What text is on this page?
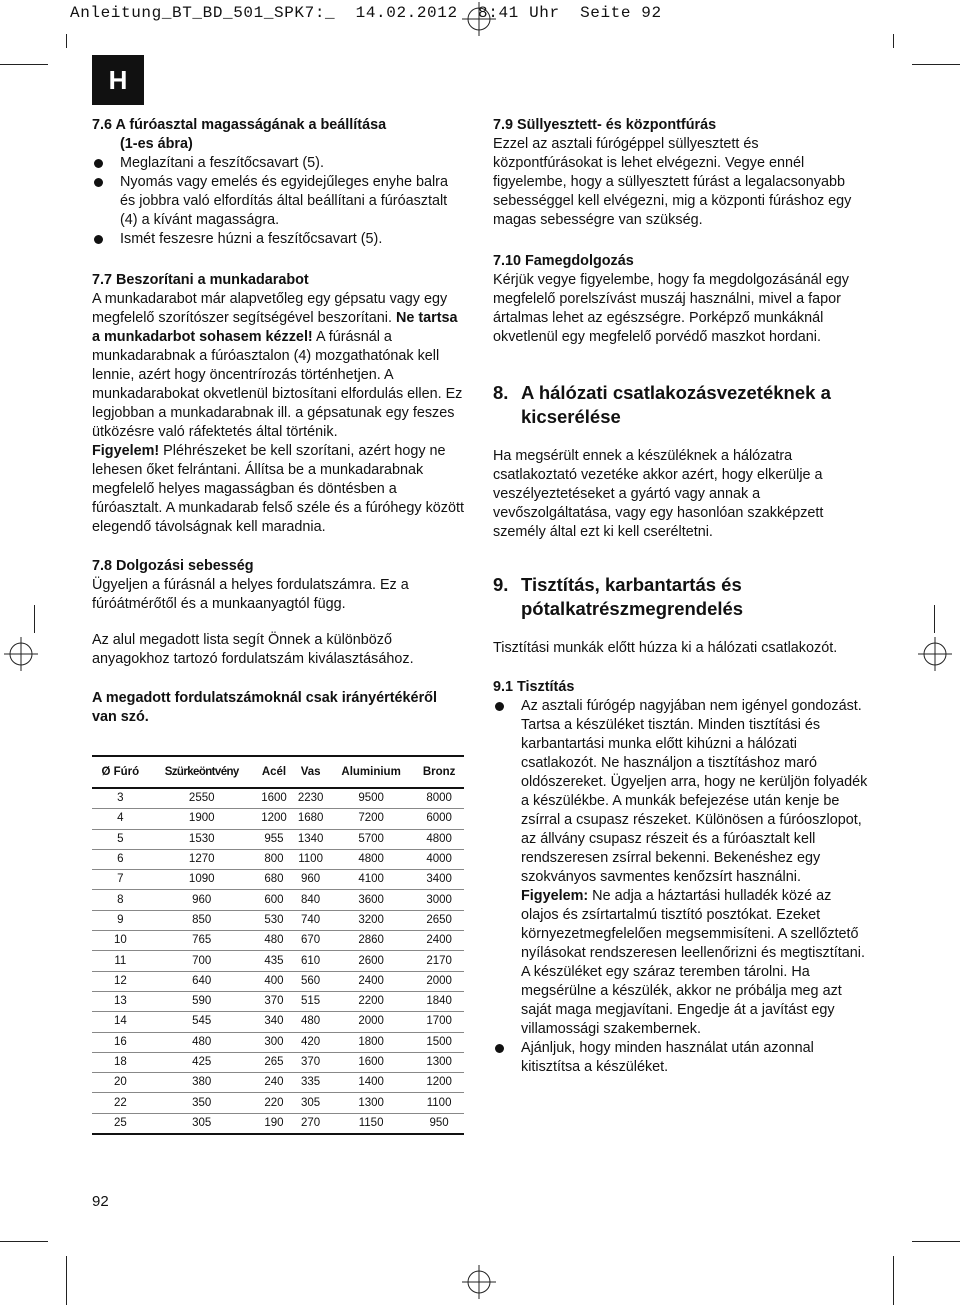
Anleitung_BT_BD_501_SPK7:_  14.02.2012  8:41 Uhr  Seite 92
H

7.6 A fúróasztal magasságának a beállítása

(1-es ábra)

Meglazítani a feszítőcsavart (5).
Nyomás vagy emelés és egyidejűleges enyhe balra és jobbra való elfordítás által beállítani a fúróasztalt (4) a kívánt magasságra.
Ismét feszesre húzni a feszítőcsavart (5).

7.7 Beszorítani a munkadarabot

A munkadarabot már alapvetőleg egy gépsatu vagy egy megfelelő szorítószer segítségével beszorítani. Ne tartsa a munkadarbot sohasem kézzel! A fúrásnál a munkadarabnak a fúróasztalon (4) mozgathatónak kell lennie, azért hogy öncentrírozás történhetjen. A munkadarabokat okvetlenül biztosítani elfordulás ellen. Ez legjobban a munkadarabnak ill. a gépsatunak egy feszes ütközésre való ráfektetés által történik.
Figyelem! Pléhrészeket be kell szorítani, azért hogy ne lehesen őket felrántani. Állítsa be a munkadarabnak megfelelő helyes magasságban és döntésben a fúróasztalt. A munkadarab felső széle és a fúróhegy között elegendő távolságnak kell maradnia.

7.8 Dolgozási sebesség

Ügyeljen a fúrásnál a helyes fordulatszámra. Ez a fúróátmérőtől és a munkaanyagtól függ.

Az alul megadott lista segít Önnek a különböző anyagokhoz tartozó fordulatszám kiválasztásához.

A megadott fordulatszámoknál csak irányértékéről van szó.

Ø Fúró	Szürkeöntvény	Acél	Vas	Aluminium	Bronz
3	2550	1600	2230	9500	8000
4	1900	1200	1680	7200	6000
5	1530	955	1340	5700	4800
6	1270	800	1100	4800	4000
7	1090	680	960	4100	3400
8	960	600	840	3600	3000
9	850	530	740	3200	2650
10	765	480	670	2860	2400
11	700	435	610	2600	2170
12	640	400	560	2400	2000
13	590	370	515	2200	1840
14	545	340	480	2000	1700
16	480	300	420	1800	1500
18	425	265	370	1600	1300
20	380	240	335	1400	1200
22	350	220	305	1300	1100
25	305	190	270	1150	950

7.9 Süllyesztett- és központfúrás

Ezzel az asztali fúrógéppel süllyesztett és központfúrásokat is lehet elvégezni. Vegye ennél figyelembe, hogy a süllyesztett fúrást a legalacsonyabb sebességgel kell elvégezni, mig a központi fúráshoz egy magas sebességre van szükség.

7.10 Famegdolgozás

Kérjük vegye figyelembe, hogy fa megdolgozásánál egy megfelelő porelszívást muszáj használni, mivel a fapor ártalmas lehet az egészségre. Porképző munkáknál okvetlenül egy megfelelő porvédő maszkot hordani.

8. A hálózati csatlakozásvezetéknek a kicserélése

Ha megsérült ennek a készüléknek a hálózatra csatlakoztató vezetéke akkor azért, hogy elkerülje a veszélyeztetéseket a gyártó vagy annak a vevőszolgáltatása, vagy egy hasonlóan szakképzett személy által ezt ki kell cseréltetni.

9. Tisztítás, karbantartás és pótalkatrészmegrendelés

Tisztítási munkák előtt húzza ki a hálózati csatlakozót.

9.1 Tisztítás

Az asztali fúrógép nagyjában nem igényel gondozást. Tartsa a készüléket tisztán. Minden tisztítási és karbantartási munka előtt kihúzni a hálózati csatlakozót. Ne használjon a tisztításhoz maró oldószereket. Ügyeljen arra, hogy ne kerüljön folyadék a készülékbe. A munkák befejezése után kenje be zsírral a csupasz részeket. Különösen a fúróoszlopot, az állvány csupasz részeit és a fúróasztalt kell rendszeresen zsírral bekenni. Bekenéshez egy szokványos savmentes kenőzsírt használni.
Figyelem: Ne adja a háztartási hulladék közé az olajos és zsírtartalmú tisztító posztókat. Ezeket környezetmegfelelően megsemmisíteni. A szellőztető nyílásokat rendszeresen leellenőrizni és megtisztítani. A készüléket egy száraz teremben tárolni. Ha megsérülne a készülék, akkor ne próbálja meg azt saját maga megjavítani. Engedje át a javítást egy villamossági szakembernek.
Ajánljuk, hogy minden használat után azonnal kitisztítsa a készüléket.
92
